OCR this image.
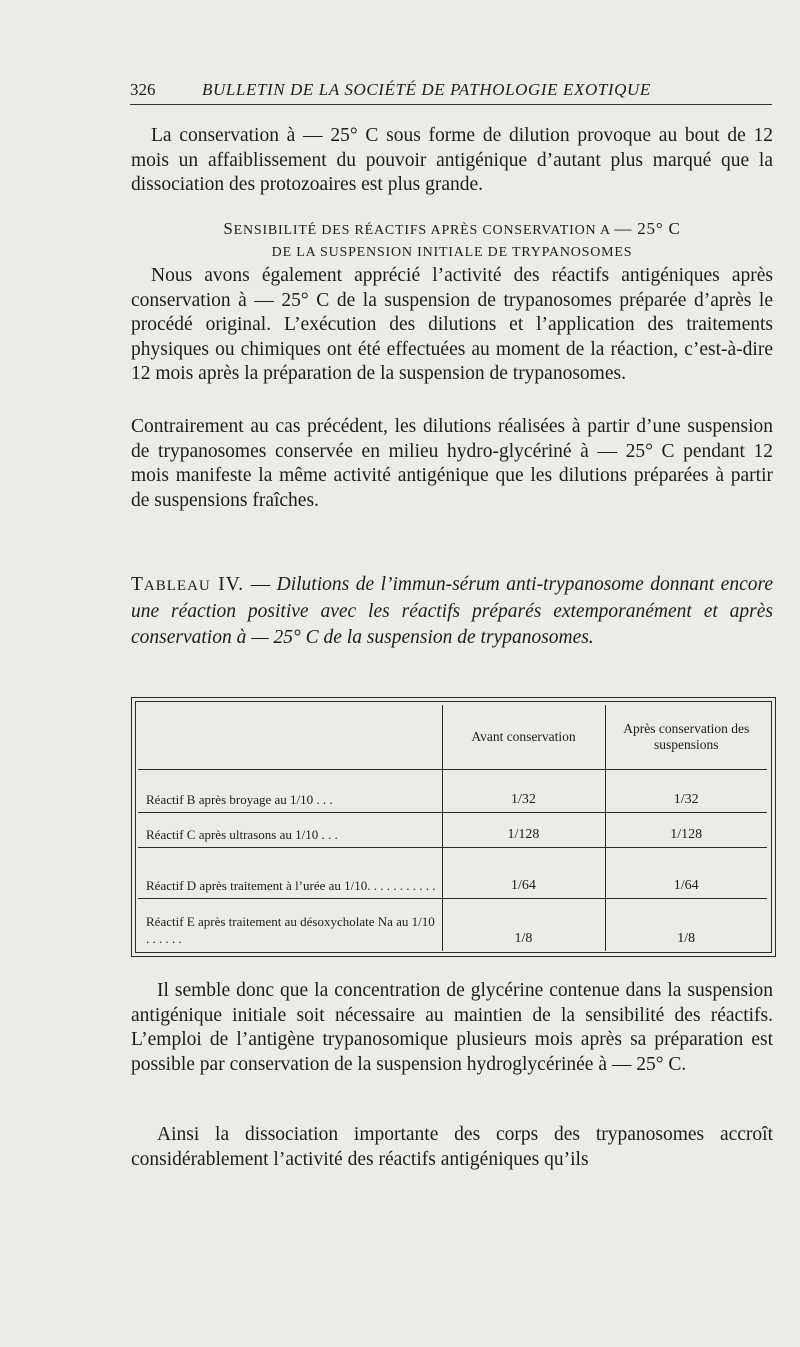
326	BULLETIN DE LA SOCIÉTÉ DE PATHOLOGIE EXOTIQUE

La conservation à — 25° C sous forme de dilution provoque au bout de 12 mois un affaiblissement du pouvoir antigénique d’autant plus marqué que la dissociation des protozoaires est plus grande.

SENSIBILITÉ DES RÉACTIFS APRÈS CONSERVATION A — 25° C
DE LA SUSPENSION INITIALE DE TRYPANOSOMES

Nous avons également apprécié l’activité des réactifs antigéniques après conservation à — 25° C de la suspension de trypanosomes préparée d’après le procédé original. L’exécution des dilutions et l’application des traitements physiques ou chimiques ont été effectuées au moment de la réaction, c’est-à-dire 12 mois après la préparation de la suspension de trypanosomes.

Contrairement au cas précédent, les dilutions réalisées à partir d’une suspension de trypanosomes conservée en milieu hydro-glycériné à — 25° C pendant 12 mois manifeste la même activité antigénique que les dilutions préparées à partir de suspensions fraîches.

TABLEAU IV. — Dilutions de l’immun-sérum anti-trypanosome donnant encore une réaction positive avec les réactifs préparés extemporanément et après conservation à — 25° C de la suspension de trypanosomes.
	Avant conservation	Après conservation des suspensions
Réactif B après broyage au 1/10 . . .	1/32	1/32
Réactif C après ultrasons au 1/10 . . .	1/128	1/128
Réactif D après traitement à l’urée au 1/10. . . . . . . . . . .	1/64	1/64
Réactif E après traitement au désoxycholate Na au 1/10 . . . . . .	1/8	1/8

Il semble donc que la concentration de glycérine contenue dans la suspension antigénique initiale soit nécessaire au maintien de la sensibilité des réactifs. L’emploi de l’antigène trypanosomique plusieurs mois après sa préparation est possible par conservation de la suspension hydroglycérinée à — 25° C.

Ainsi la dissociation importante des corps des trypanosomes accroît considérablement l’activité des réactifs antigéniques qu’ils
